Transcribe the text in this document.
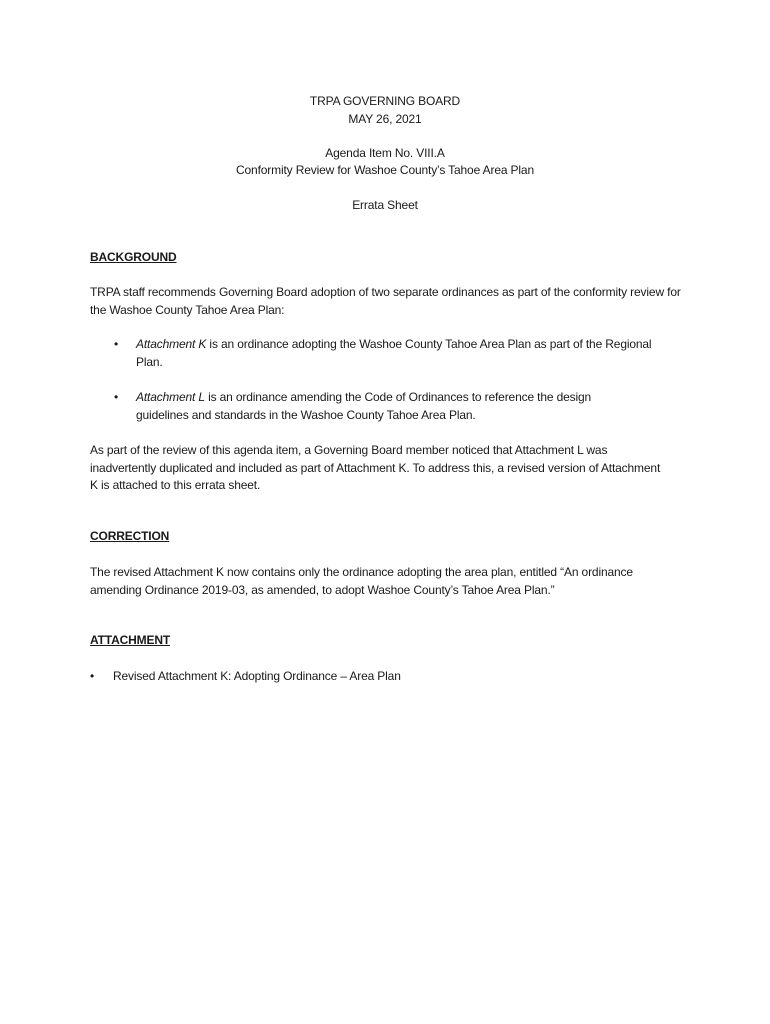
TRPA GOVERNING BOARD
MAY 26, 2021
Agenda Item No. VIII.A
Conformity Review for Washoe County’s Tahoe Area Plan
Errata Sheet
BACKGROUND
TRPA staff recommends Governing Board adoption of two separate ordinances as part of the conformity review for the Washoe County Tahoe Area Plan:
• Attachment K is an ordinance adopting the Washoe County Tahoe Area Plan as part of the Regional Plan.
• Attachment L is an ordinance amending the Code of Ordinances to reference the design guidelines and standards in the Washoe County Tahoe Area Plan.
As part of the review of this agenda item, a Governing Board member noticed that Attachment L was inadvertently duplicated and included as part of Attachment K. To address this, a revised version of Attachment K is attached to this errata sheet.
CORRECTION
The revised Attachment K now contains only the ordinance adopting the area plan, entitled “An ordinance amending Ordinance 2019-03, as amended, to adopt Washoe County’s Tahoe Area Plan.”
ATTACHMENT
• Revised Attachment K: Adopting Ordinance – Area Plan
